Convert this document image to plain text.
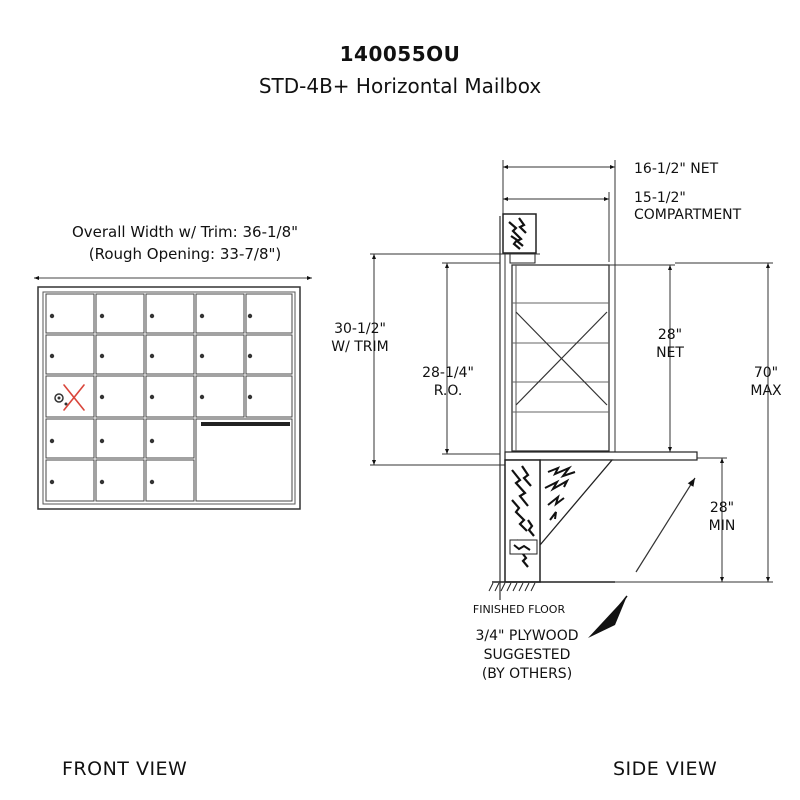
140055OU
STD-4B+ Horizontal Mailbox
Overall Width w/ Trim: 36-1/8"
(Rough Opening: 33-7/8")
16-1/2" NET
15-1/2"
COMPARTMENT
30-1/2"
W/ TRIM
28-1/4"
R.O.
28"
NET
70"
MAX
28"
MIN
FINISHED FLOOR
3/4" PLYWOOD
SUGGESTED
(BY OTHERS)
FRONT VIEW	SIDE VIEW
